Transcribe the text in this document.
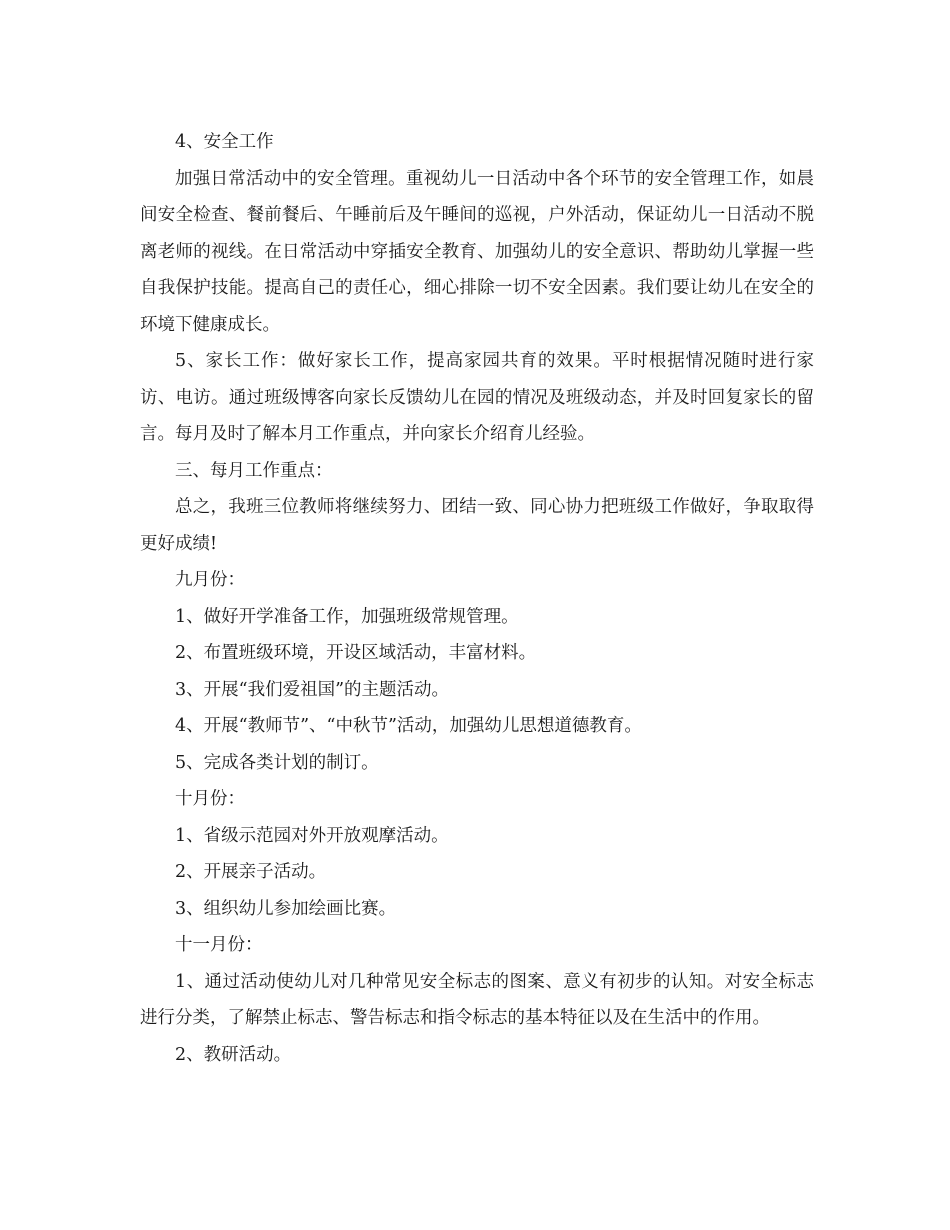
4、安全工作

加强日常活动中的安全管理。重视幼儿一日活动中各个环节的安全管理工作，如晨间安全检查、餐前餐后、午睡前后及午睡间的巡视，户外活动，保证幼儿一日活动不脱离老师的视线。在日常活动中穿插安全教育、加强幼儿的安全意识、帮助幼儿掌握一些自我保护技能。提高自己的责任心，细心排除一切不安全因素。我们要让幼儿在安全的环境下健康成长。

5、家长工作：做好家长工作，提高家园共育的效果。平时根据情况随时进行家访、电访。通过班级博客向家长反馈幼儿在园的情况及班级动态，并及时回复家长的留言。每月及时了解本月工作重点，并向家长介绍育儿经验。

三、每月工作重点：

总之，我班三位教师将继续努力、团结一致、同心协力把班级工作做好，争取取得更好成绩!

九月份：

1、做好开学准备工作，加强班级常规管理。

2、布置班级环境，开设区域活动，丰富材料。

3、开展“我们爱祖国”的主题活动。

4、开展“教师节”、“中秋节”活动，加强幼儿思想道德教育。

5、完成各类计划的制订。

十月份：

1、省级示范园对外开放观摩活动。

2、开展亲子活动。

3、组织幼儿参加绘画比赛。

十一月份：

1、通过活动使幼儿对几种常见安全标志的图案、意义有初步的认知。对安全标志进行分类，了解禁止标志、警告标志和指令标志的基本特征以及在生活中的作用。

2、教研活动。
